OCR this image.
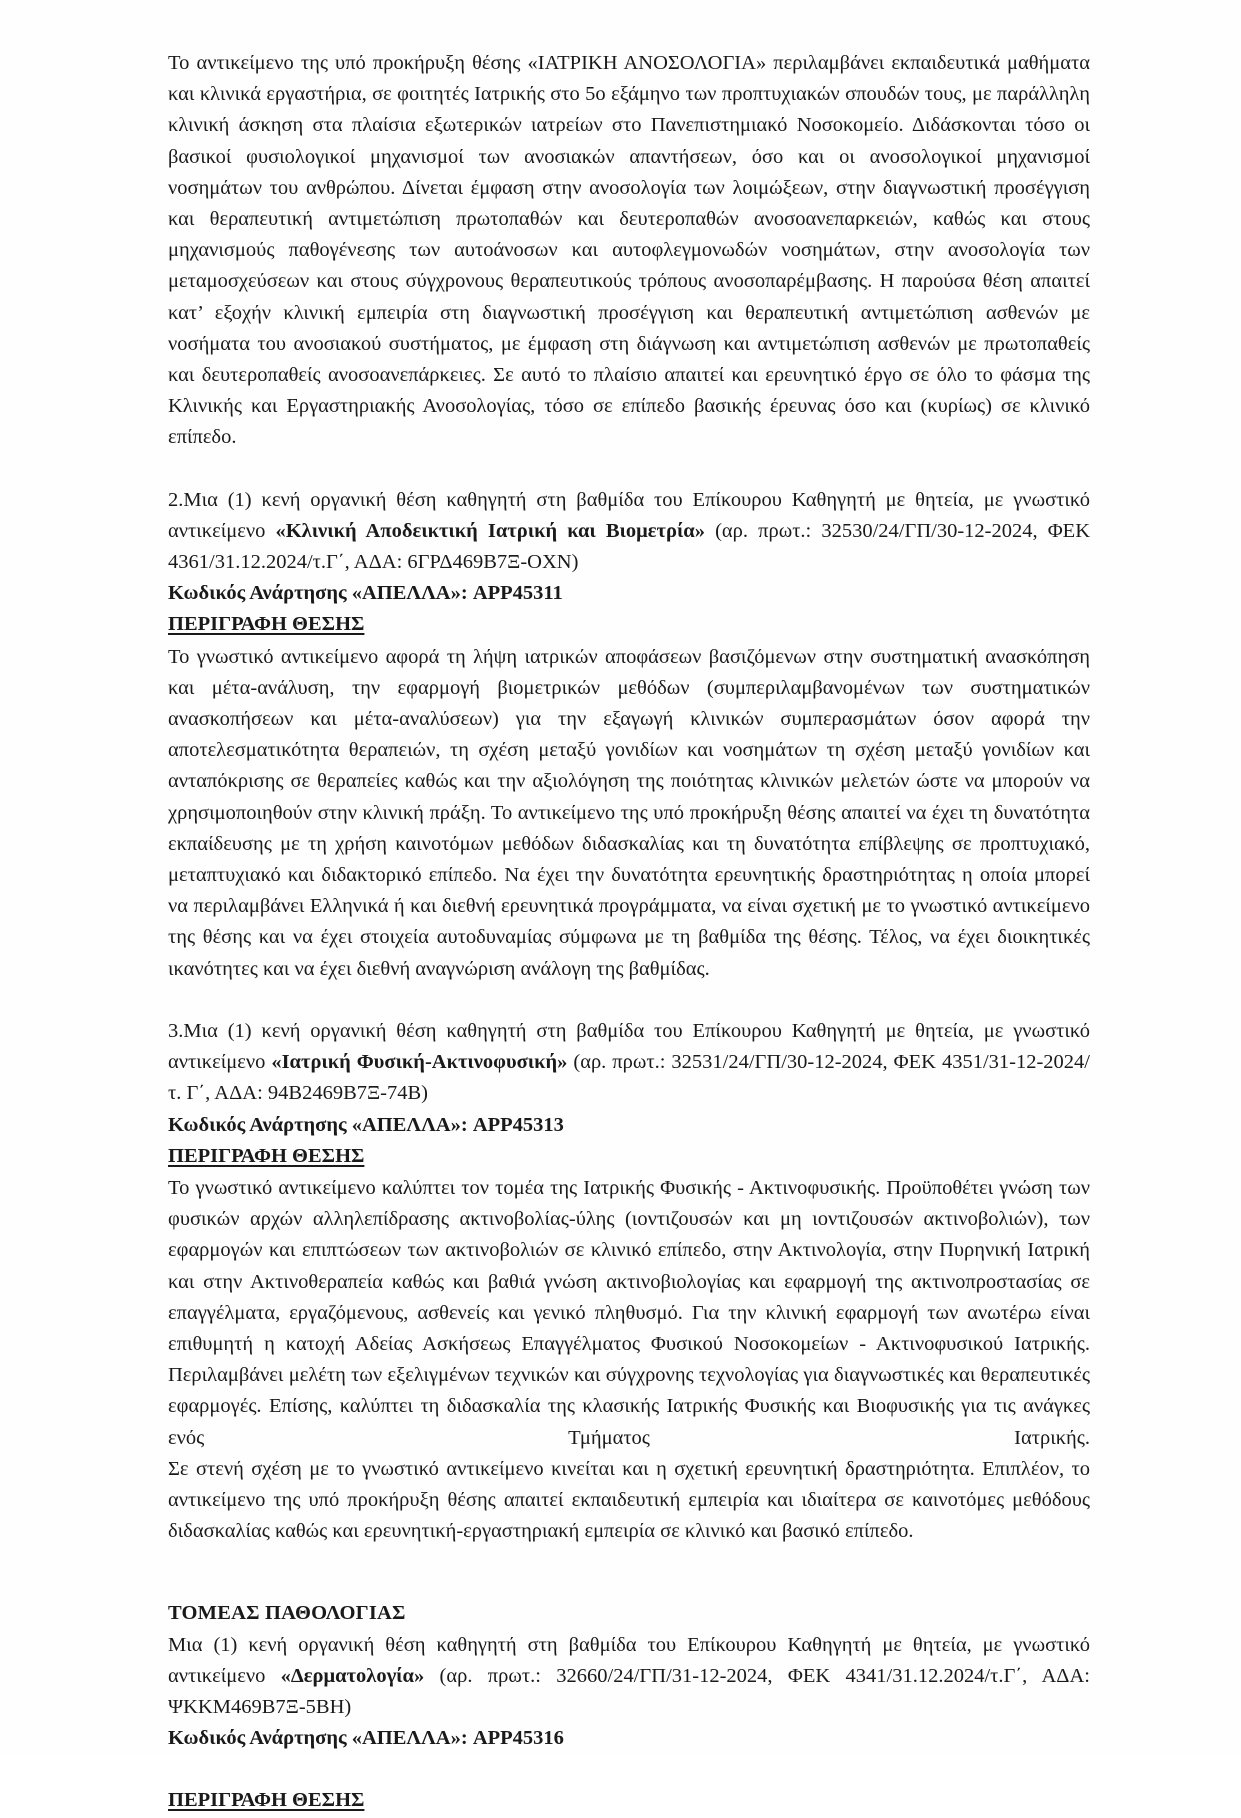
Το αντικείμενο της υπό προκήρυξη θέσης «ΙΑΤΡΙΚΗ ΑΝΟΣΟΛΟΓΙΑ» περιλαμβάνει εκπαιδευτικά μαθήματα και κλινικά εργαστήρια, σε φοιτητές Ιατρικής στο 5ο εξάμηνο των προπτυχιακών σπουδών τους, με παράλληλη κλινική άσκηση στα πλαίσια εξωτερικών ιατρείων στο Πανεπιστημιακό Νοσοκομείο. Διδάσκονται τόσο οι βασικοί φυσιολογικοί μηχανισμοί των ανοσιακών απαντήσεων, όσο και οι ανοσολογικοί μηχανισμοί νοσημάτων του ανθρώπου. Δίνεται έμφαση στην ανοσολογία των λοιμώξεων, στην διαγνωστική προσέγγιση και θεραπευτική αντιμετώπιση πρωτοπαθών και δευτεροπαθών ανοσοανεπαρκειών, καθώς και στους μηχανισμούς παθογένεσης των αυτοάνοσων και αυτοφλεγμονωδών νοσημάτων, στην ανοσολογία των μεταμοσχεύσεων και στους σύγχρονους θεραπευτικούς τρόπους ανοσοπαρέμβασης. Η παρούσα θέση απαιτεί κατ’ εξοχήν κλινική εμπειρία στη διαγνωστική προσέγγιση και θεραπευτική αντιμετώπιση ασθενών με νοσήματα του ανοσιακού συστήματος, με έμφαση στη διάγνωση και αντιμετώπιση ασθενών με πρωτοπαθείς και δευτεροπαθείς ανοσοανεπάρκειες. Σε αυτό το πλαίσιο απαιτεί και ερευνητικό έργο σε όλο το φάσμα της Κλινικής και Εργαστηριακής Ανοσολογίας, τόσο σε επίπεδο βασικής έρευνας όσο και (κυρίως) σε κλινικό επίπεδο.

2.Μια (1) κενή οργανική θέση καθηγητή στη βαθμίδα του Επίκουρου Καθηγητή με θητεία, με γνωστικό αντικείμενο «Κλινική Αποδεικτική Ιατρική και Βιομετρία» (αρ. πρωτ.: 32530/24/ΓΠ/30-12-2024, ΦΕΚ 4361/31.12.2024/τ.Γ΄, ΑΔΑ: 6ΓΡΔ469Β7Ξ-ΟΧΝ)

Κωδικός Ανάρτησης «ΑΠΕΛΛΑ»: APP45311

ΠΕΡΙΓΡΑΦΗ ΘΕΣΗΣ

Το γνωστικό αντικείμενο αφορά τη λήψη ιατρικών αποφάσεων βασιζόμενων στην συστηματική ανασκόπηση και μέτα-ανάλυση, την εφαρμογή βιομετρικών μεθόδων (συμπεριλαμβανομένων των συστηματικών ανασκοπήσεων και μέτα-αναλύσεων) για την εξαγωγή κλινικών συμπερασμάτων όσον αφορά την αποτελεσματικότητα θεραπειών, τη σχέση μεταξύ γονιδίων και νοσημάτων τη σχέση μεταξύ γονιδίων και ανταπόκρισης σε θεραπείες καθώς και την αξιολόγηση της ποιότητας κλινικών μελετών ώστε να μπορούν να χρησιμοποιηθούν στην κλινική πράξη. Το αντικείμενο της υπό προκήρυξη θέσης απαιτεί να έχει τη δυνατότητα εκπαίδευσης με τη χρήση καινοτόμων μεθόδων διδασκαλίας και τη δυνατότητα επίβλεψης σε προπτυχιακό, μεταπτυχιακό και διδακτορικό επίπεδο. Να έχει την δυνατότητα ερευνητικής δραστηριότητας η οποία μπορεί να περιλαμβάνει Ελληνικά ή και διεθνή ερευνητικά προγράμματα, να είναι σχετική με το γνωστικό αντικείμενο της θέσης και να έχει στοιχεία αυτοδυναμίας σύμφωνα με τη βαθμίδα της θέσης. Τέλος, να έχει διοικητικές ικανότητες και να έχει διεθνή αναγνώριση ανάλογη της βαθμίδας.

3.Μια (1) κενή οργανική θέση καθηγητή στη βαθμίδα του Επίκουρου Καθηγητή με θητεία, με γνωστικό αντικείμενο «Ιατρική Φυσική-Ακτινοφυσική» (αρ. πρωτ.: 32531/24/ΓΠ/30-12-2024, ΦΕΚ 4351/31-12-2024/τ. Γ΄, ΑΔΑ: 94Β2469Β7Ξ-74Β)

Κωδικός Ανάρτησης «ΑΠΕΛΛΑ»: APP45313

ΠΕΡΙΓΡΑΦΗ ΘΕΣΗΣ

Το γνωστικό αντικείμενο καλύπτει τον τομέα της Ιατρικής Φυσικής - Ακτινοφυσικής. Προϋποθέτει γνώση των φυσικών αρχών αλληλεπίδρασης ακτινοβολίας-ύλης (ιοντιζουσών και μη ιοντιζουσών ακτινοβολιών), των εφαρμογών και επιπτώσεων των ακτινοβολιών σε κλινικό επίπεδο, στην Ακτινολογία, στην Πυρηνική Ιατρική και στην Ακτινοθεραπεία καθώς και βαθιά γνώση ακτινοβιολογίας και εφαρμογή της ακτινοπροστασίας σε επαγγέλματα, εργαζόμενους, ασθενείς και γενικό πληθυσμό. Για την κλινική εφαρμογή των ανωτέρω είναι επιθυμητή η κατοχή Αδείας Ασκήσεως Επαγγέλματος Φυσικού Νοσοκομείων - Ακτινοφυσικού Ιατρικής. Περιλαμβάνει μελέτη των εξελιγμένων τεχνικών και σύγχρονης τεχνολογίας για διαγνωστικές και θεραπευτικές εφαρμογές. Επίσης, καλύπτει τη διδασκαλία της κλασικής Ιατρικής Φυσικής και Βιοφυσικής για τις ανάγκες ενός Τμήματος Ιατρικής.

Σε στενή σχέση με το γνωστικό αντικείμενο κινείται και η σχετική ερευνητική δραστηριότητα. Επιπλέον, το αντικείμενο της υπό προκήρυξη θέσης απαιτεί εκπαιδευτική εμπειρία και ιδιαίτερα σε καινοτόμες μεθόδους διδασκαλίας καθώς και ερευνητική-εργαστηριακή εμπειρία σε κλινικό και βασικό επίπεδο.

ΤΟΜΕΑΣ ΠΑΘΟΛΟΓΙΑΣ

Μια (1) κενή οργανική θέση καθηγητή στη βαθμίδα του Επίκουρου Καθηγητή με θητεία, με γνωστικό αντικείμενο «Δερματολογία» (αρ. πρωτ.: 32660/24/ΓΠ/31-12-2024, ΦΕΚ 4341/31.12.2024/τ.Γ΄, ΑΔΑ: ΨΚΚΜ469Β7Ξ-5ΒΗ)

Κωδικός Ανάρτησης «ΑΠΕΛΛΑ»: APP45316

ΠΕΡΙΓΡΑΦΗ ΘΕΣΗΣ
